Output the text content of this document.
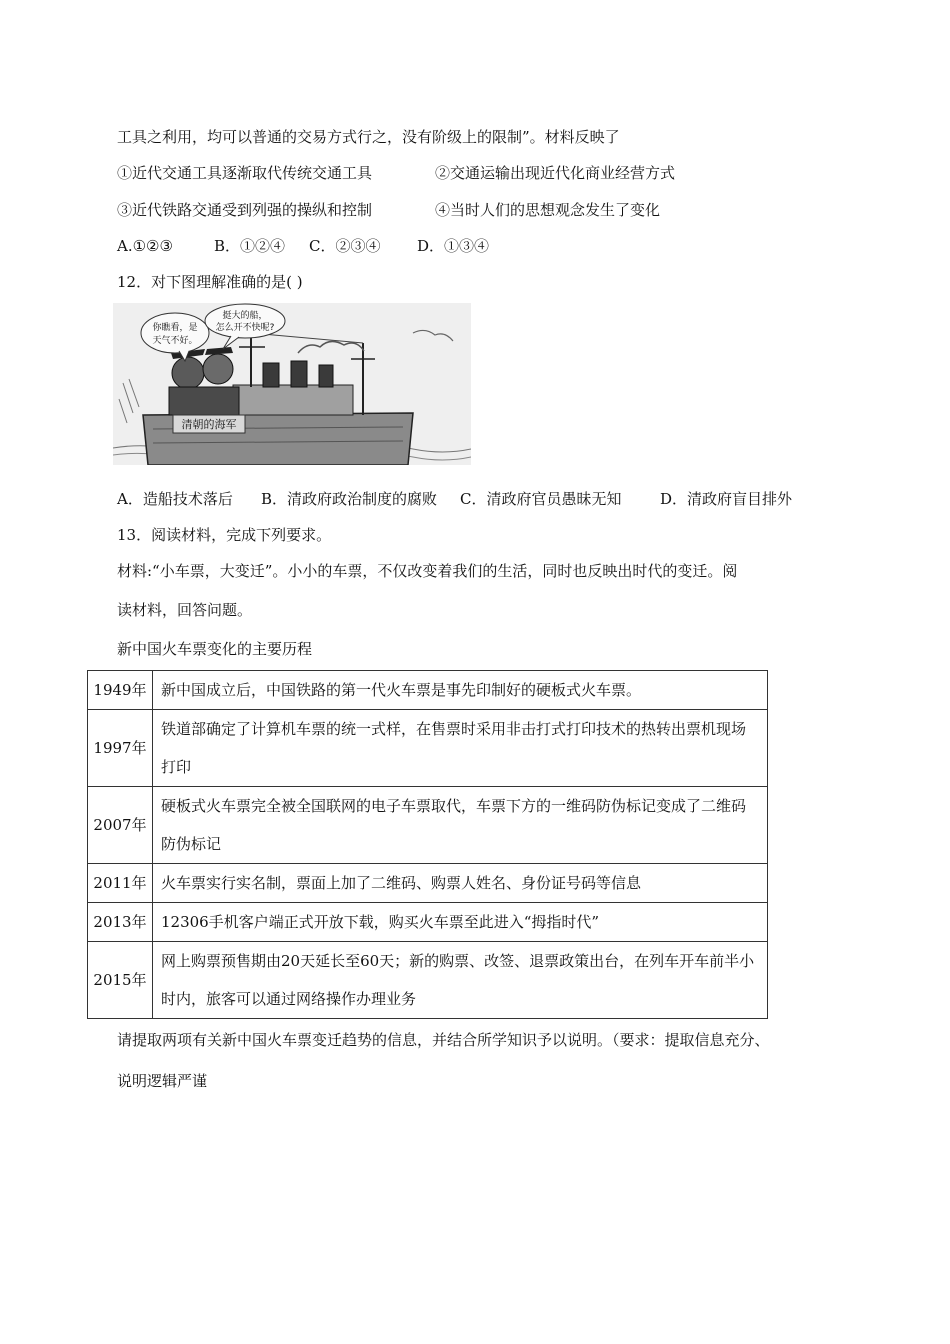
工具之利用，均可以普通的交易方式行之，没有阶级上的限制”。材料反映了
①近代交通工具逐渐取代传统交通工具	②交通运输出现近代化商业经营方式
③近代铁路交通受到列强的操纵和控制	④当时人们的思想观念发生了变化
A.①②③	B．①②④ C．②③④ D．①③④
12．对下图理解准确的是( )
你瞧看，是
天气不好。
挺大的船，
怎么开不快呢?
清朝的海军
A．造船技术落后 B．清政府政治制度的腐败 C．清政府官员愚昧无知	D．清政府盲目排外
13．阅读材料，完成下列要求。
材料:“小车票，大变迁”。小小的车票，不仅改变着我们的生活，同时也反映出时代的变迁。阅
读材料，回答问题。
新中国火车票变化的主要历程
1949年	新中国成立后，中国铁路的第一代火车票是事先印制好的硬板式火车票。
1997年	铁道部确定了计算机车票的统一式样，在售票时采用非击打式打印技术的热转出票机现场打印
2007年	硬板式火车票完全被全国联网的电子车票取代，车票下方的一维码防伪标记变成了二维码防伪标记
2011年	火车票实行实名制，票面上加了二维码、购票人姓名、身份证号码等信息
2013年	12306手机客户端正式开放下载，购买火车票至此进入“拇指时代”
2015年	网上购票预售期由20天延长至60天；新的购票、改签、退票政策出台，在列车开车前半小时内，旅客可以通过网络操作办理业务
请提取两项有关新中国火车票变迁趋势的信息，并结合所学知识予以说明。（要求：提取信息充分、
说明逻辑严谨
